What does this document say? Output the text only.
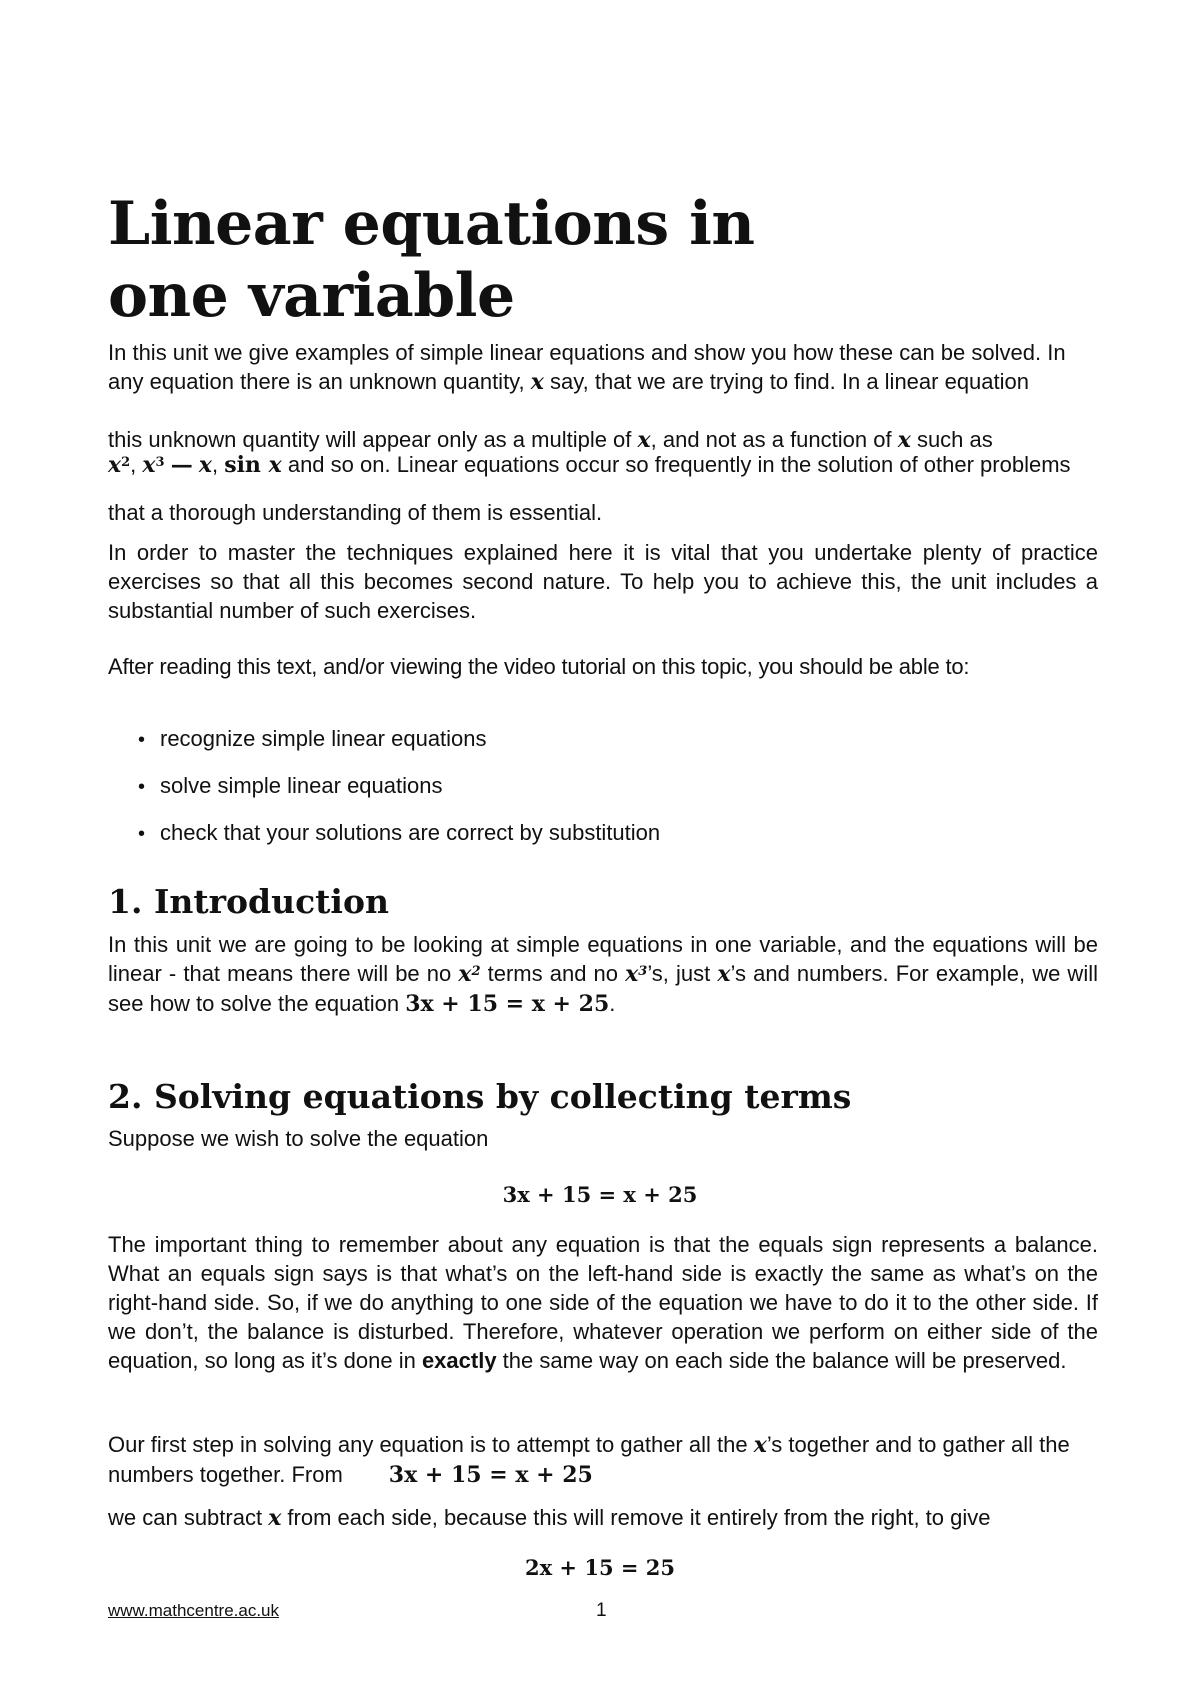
Linear equations in
one variable

In this unit we give examples of simple linear equations and show you how these can be solved. In any equation there is an unknown quantity, x say, that we are trying to find. In a linear equation

this unknown quantity will appear only as a multiple of x, and not as a function of x such as

$x^2$, $x^3$ — x, sin x and so on. Linear equations occur so frequently in the solution of other problems

that a thorough understanding of them is essential.

In order to master the techniques explained here it is vital that you undertake plenty of practice exercises so that all this becomes second nature. To help you to achieve this, the unit includes a substantial number of such exercises.

After reading this text, and/or viewing the video tutorial on this topic, you should be able to:

• recognize simple linear equations
• solve simple linear equations
• check that your solutions are correct by substitution
1. Introduction

In this unit we are going to be looking at simple equations in one variable, and the equations will be linear - that means there will be no $x^2$ terms and no $x^3’s$, just x’s and numbers. For example, we will see how to solve the equation 3x + 15 = x + 25.

2. Solving equations by collecting terms

Suppose we wish to solve the equation

3x + 15 = x + 25

The important thing to remember about any equation is that the equals sign represents a balance. What an equals sign says is that what’s on the left-hand side is exactly the same as what’s on the right-hand side. So, if we do anything to one side of the equation we have to do it to the other side. If we don’t, the balance is disturbed. Therefore, whatever operation we perform on either side of the equation, so long as it’s done in exactly the same way on each side the balance will be preserved.

Our first step in solving any equation is to attempt to gather all the x’s together and to gather all the numbers together. From 3x + 15 = x + 25

we can subtract x from each side, because this will remove it entirely from the right, to give

2x + 15 = 25
www.mathcentre.ac.uk	1
